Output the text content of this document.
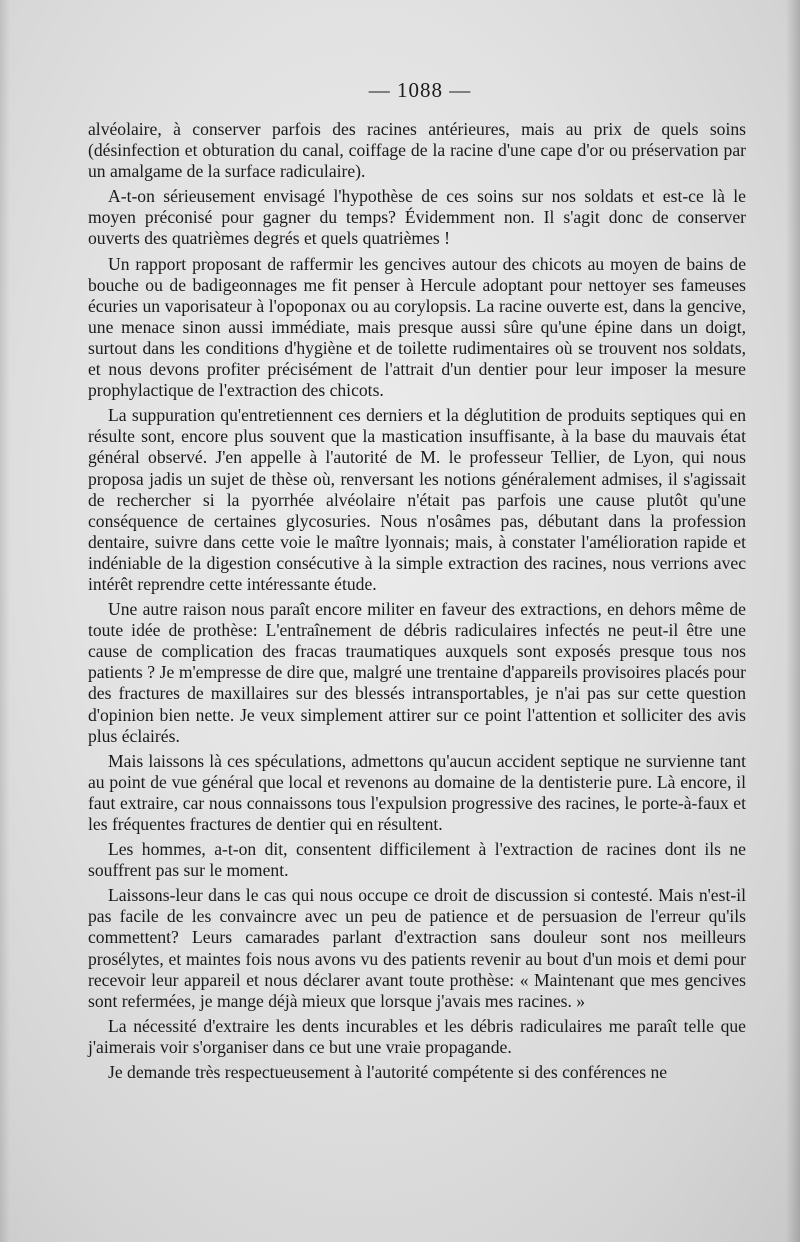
— 1088 —

alvéolaire, à conserver parfois des racines antérieures, mais au prix de quels soins (désinfection et obturation du canal, coiffage de la racine d'une cape d'or ou préservation par un amalgame de la surface radiculaire).

A-t-on sérieusement envisagé l'hypothèse de ces soins sur nos soldats et est-ce là le moyen préconisé pour gagner du temps? Évidemment non. Il s'agit donc de conserver ouverts des quatrièmes degrés et quels quatrièmes !

Un rapport proposant de raffermir les gencives autour des chicots au moyen de bains de bouche ou de badigeonnages me fit penser à Hercule adoptant pour nettoyer ses fameuses écuries un vaporisateur à l'opoponax ou au corylopsis. La racine ouverte est, dans la gencive, une menace sinon aussi immédiate, mais presque aussi sûre qu'une épine dans un doigt, surtout dans les conditions d'hygiène et de toilette rudimentaires où se trouvent nos soldats, et nous devons profiter précisément de l'attrait d'un dentier pour leur imposer la mesure prophylactique de l'extraction des chicots.

La suppuration qu'entretiennent ces derniers et la déglutition de produits septiques qui en résulte sont, encore plus souvent que la mastication insuffisante, à la base du mauvais état général observé. J'en appelle à l'autorité de M. le professeur Tellier, de Lyon, qui nous proposa jadis un sujet de thèse où, renversant les notions généralement admises, il s'agissait de rechercher si la pyorrhée alvéolaire n'était pas parfois une cause plutôt qu'une conséquence de certaines glycosuries. Nous n'osâmes pas, débutant dans la profession dentaire, suivre dans cette voie le maître lyonnais; mais, à constater l'amélioration rapide et indéniable de la digestion consécutive à la simple extraction des racines, nous verrions avec intérêt reprendre cette intéressante étude.

Une autre raison nous paraît encore militer en faveur des extractions, en dehors même de toute idée de prothèse: L'entraînement de débris radiculaires infectés ne peut-il être une cause de complication des fracas traumatiques auxquels sont exposés presque tous nos patients ? Je m'empresse de dire que, malgré une trentaine d'appareils provisoires placés pour des fractures de maxillaires sur des blessés intransportables, je n'ai pas sur cette question d'opinion bien nette. Je veux simplement attirer sur ce point l'attention et solliciter des avis plus éclairés.

Mais laissons là ces spéculations, admettons qu'aucun accident septique ne survienne tant au point de vue général que local et revenons au domaine de la dentisterie pure. Là encore, il faut extraire, car nous connaissons tous l'expulsion progressive des racines, le porte-à-faux et les fréquentes fractures de dentier qui en résultent.

Les hommes, a-t-on dit, consentent difficilement à l'extraction de racines dont ils ne souffrent pas sur le moment.

Laissons-leur dans le cas qui nous occupe ce droit de discussion si contesté. Mais n'est-il pas facile de les convaincre avec un peu de patience et de persuasion de l'erreur qu'ils commettent? Leurs camarades parlant d'extraction sans douleur sont nos meilleurs prosélytes, et maintes fois nous avons vu des patients revenir au bout d'un mois et demi pour recevoir leur appareil et nous déclarer avant toute prothèse: « Maintenant que mes gencives sont refermées, je mange déjà mieux que lorsque j'avais mes racines. »

La nécessité d'extraire les dents incurables et les débris radiculaires me paraît telle que j'aimerais voir s'organiser dans ce but une vraie propagande.

Je demande très respectueusement à l'autorité compétente si des conférences ne
